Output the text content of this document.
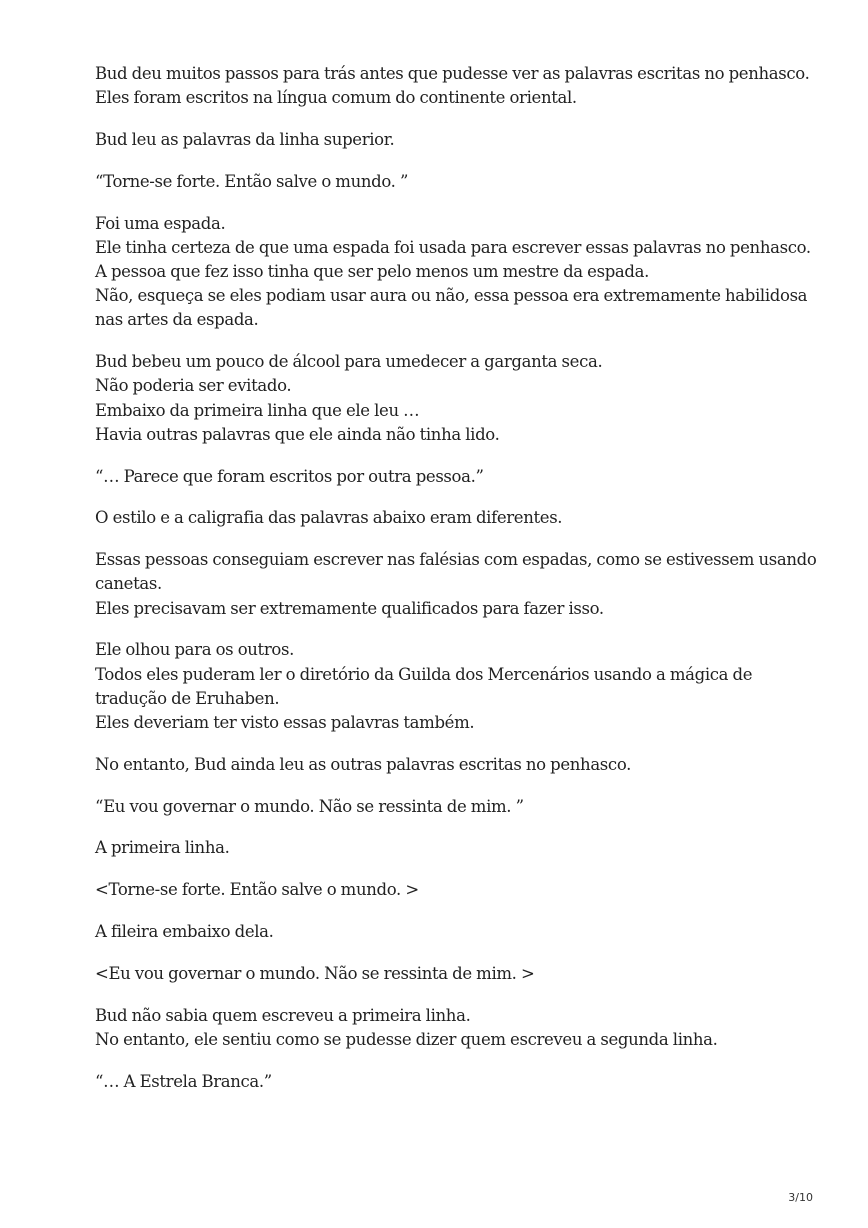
Bud deu muitos passos para trás antes que pudesse ver as palavras escritas no penhasco.
Eles foram escritos na língua comum do continente oriental.

Bud leu as palavras da linha superior.

“Torne-se forte. Então salve o mundo. ”

Foi uma espada.
Ele tinha certeza de que uma espada foi usada para escrever essas palavras no penhasco.
A pessoa que fez isso tinha que ser pelo menos um mestre da espada.
Não, esqueça se eles podiam usar aura ou não, essa pessoa era extremamente habilidosa
nas artes da espada.

Bud bebeu um pouco de álcool para umedecer a garganta seca.
Não poderia ser evitado.
Embaixo da primeira linha que ele leu …
Havia outras palavras que ele ainda não tinha lido.

“… Parece que foram escritos por outra pessoa.”

O estilo e a caligrafia das palavras abaixo eram diferentes.

Essas pessoas conseguiam escrever nas falésias com espadas, como se estivessem usando
canetas.
Eles precisavam ser extremamente qualificados para fazer isso.

Ele olhou para os outros.
Todos eles puderam ler o diretório da Guilda dos Mercenários usando a mágica de
tradução de Eruhaben.
Eles deveriam ter visto essas palavras também.

No entanto, Bud ainda leu as outras palavras escritas no penhasco.

“Eu vou governar o mundo. Não se ressinta de mim. ”

A primeira linha.

<Torne-se forte. Então salve o mundo. >

A fileira embaixo dela.

<Eu vou governar o mundo. Não se ressinta de mim. >

Bud não sabia quem escreveu a primeira linha.
No entanto, ele sentiu como se pudesse dizer quem escreveu a segunda linha.

“… A Estrela Branca.”

3/10
